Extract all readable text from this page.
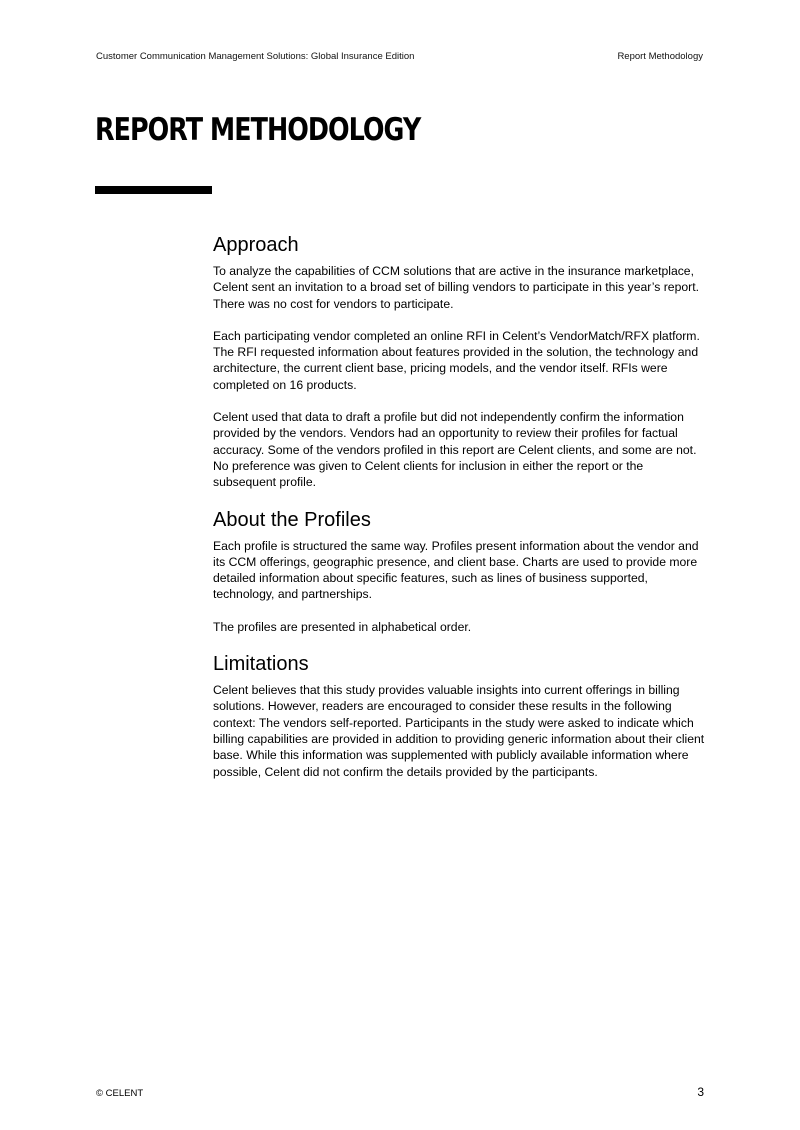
Customer Communication Management Solutions: Global Insurance Edition	Report Methodology
REPORT METHODOLOGY
Approach

To analyze the capabilities of CCM solutions that are active in the insurance marketplace, Celent sent an invitation to a broad set of billing vendors to participate in this year’s report. There was no cost for vendors to participate.

Each participating vendor completed an online RFI in Celent’s VendorMatch/RFX platform. The RFI requested information about features provided in the solution, the technology and architecture, the current client base, pricing models, and the vendor itself. RFIs were completed on 16 products.

Celent used that data to draft a profile but did not independently confirm the information provided by the vendors. Vendors had an opportunity to review their profiles for factual accuracy. Some of the vendors profiled in this report are Celent clients, and some are not. No preference was given to Celent clients for inclusion in either the report or the subsequent profile.

About the Profiles

Each profile is structured the same way. Profiles present information about the vendor and its CCM offerings, geographic presence, and client base. Charts are used to provide more detailed information about specific features, such as lines of business supported, technology, and partnerships.

The profiles are presented in alphabetical order.

Limitations

Celent believes that this study provides valuable insights into current offerings in billing solutions. However, readers are encouraged to consider these results in the following context: The vendors self-reported. Participants in the study were asked to indicate which billing capabilities are provided in addition to providing generic information about their client base. While this information was supplemented with publicly available information where possible, Celent did not confirm the details provided by the participants.

© CELENT	3
